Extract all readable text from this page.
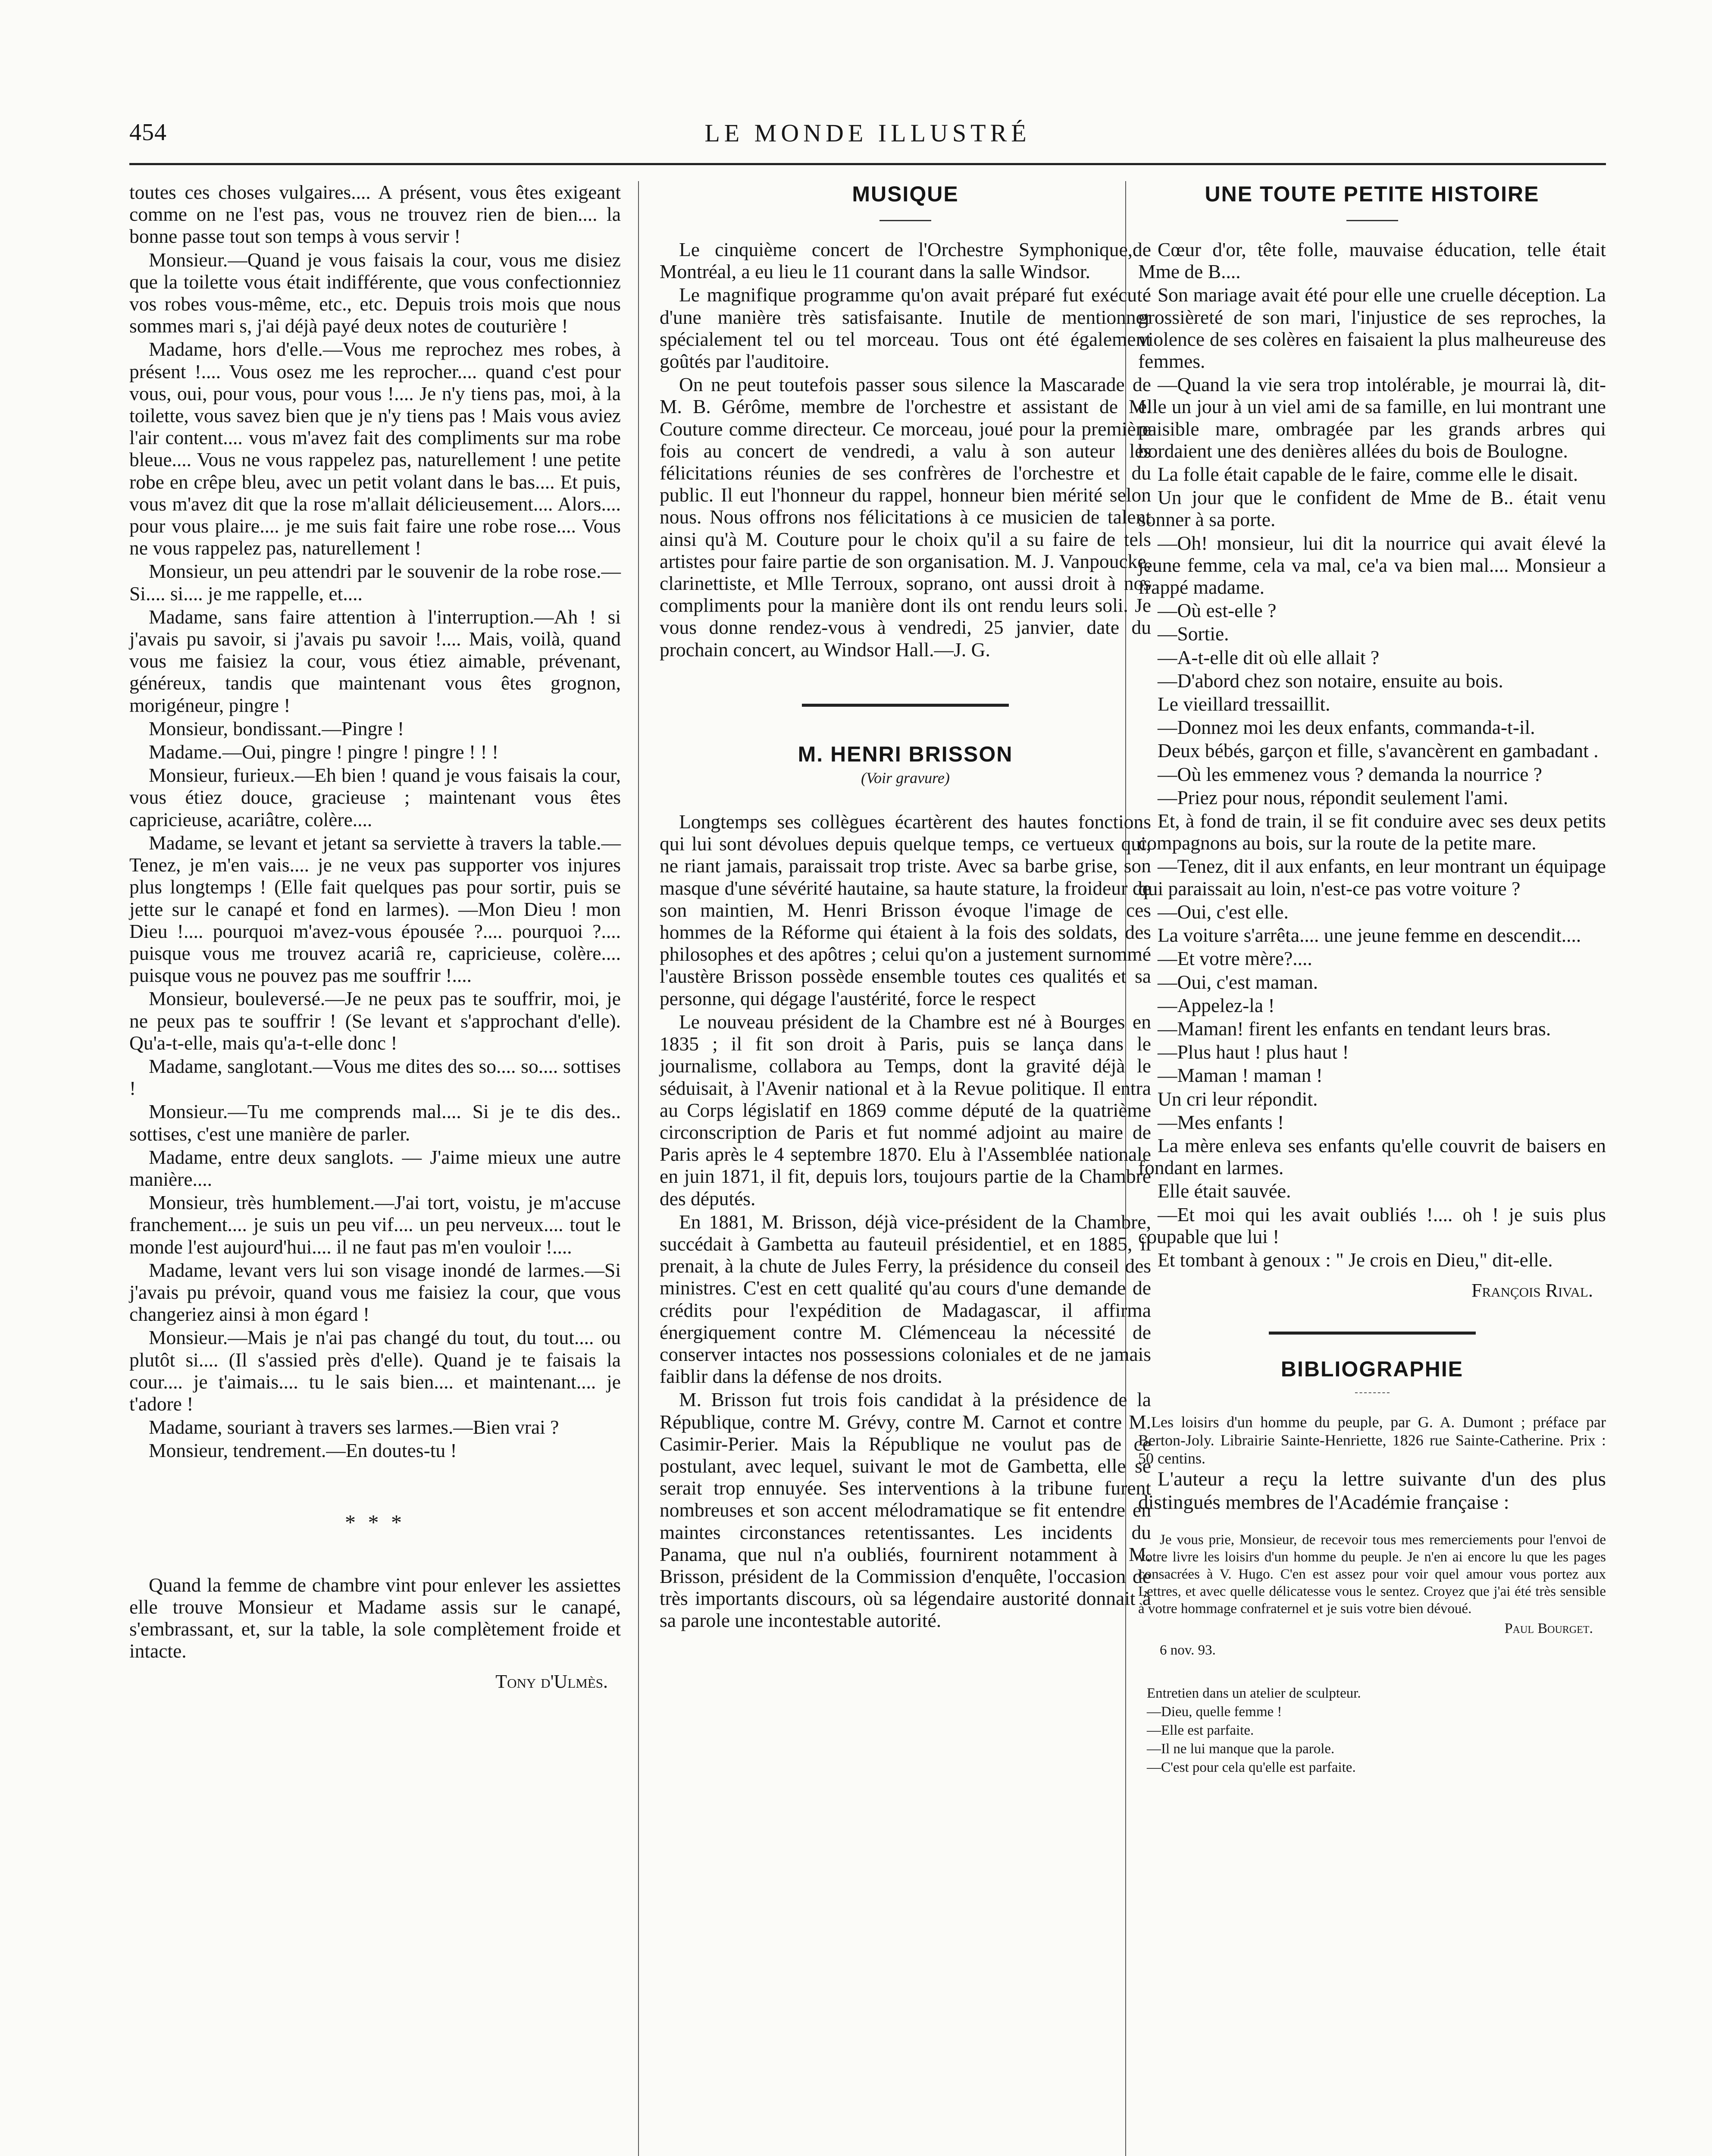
454	LE MONDE ILLUSTRÉ

toutes ces choses vulgaires.... A présent, vous êtes exigeant comme on ne l'est pas, vous ne trouvez rien de bien.... la bonne passe tout son temps à vous servir !

Monsieur.—Quand je vous faisais la cour, vous me disiez que la toilette vous était indifférente, que vous confectionniez vos robes vous-même, etc., etc. Depuis trois mois que nous sommes mari s, j'ai déjà payé deux notes de couturière !

Madame, hors d'elle.—Vous me reprochez mes robes, à présent !.... Vous osez me les reprocher.... quand c'est pour vous, oui, pour vous, pour vous !.... Je n'y tiens pas, moi, à la toilette, vous savez bien que je n'y tiens pas ! Mais vous aviez l'air content.... vous m'avez fait des compliments sur ma robe bleue.... Vous ne vous rappelez pas, naturellement ! une petite robe en crêpe bleu, avec un petit volant dans le bas.... Et puis, vous m'avez dit que la rose m'allait délicieusement.... Alors.... pour vous plaire.... je me suis fait faire une robe rose.... Vous ne vous rappelez pas, naturellement !

Monsieur, un peu attendri par le souvenir de la robe rose.—Si.... si.... je me rappelle, et....

Madame, sans faire attention à l'interruption.—Ah ! si j'avais pu savoir, si j'avais pu savoir !.... Mais, voilà, quand vous me faisiez la cour, vous étiez aimable, prévenant, généreux, tandis que maintenant vous êtes grognon, morigéneur, pingre !

Monsieur, bondissant.—Pingre !

Madame.—Oui, pingre ! pingre ! pingre ! ! !

Monsieur, furieux.—Eh bien ! quand je vous faisais la cour, vous étiez douce, gracieuse ; maintenant vous êtes capricieuse, acariâtre, colère....

Madame, se levant et jetant sa serviette à travers la table.—Tenez, je m'en vais.... je ne veux pas supporter vos injures plus longtemps ! (Elle fait quelques pas pour sortir, puis se jette sur le canapé et fond en larmes). —Mon Dieu ! mon Dieu !.... pourquoi m'avez-vous épousée ?.... pourquoi ?.... puisque vous me trouvez acariâ re, capricieuse, colère.... puisque vous ne pouvez pas me souffrir !....

Monsieur, bouleversé.—Je ne peux pas te souffrir, moi, je ne peux pas te souffrir ! (Se levant et s'approchant d'elle). Qu'a-t-elle, mais qu'a-t-elle donc !

Madame, sanglotant.—Vous me dites des so.... so.... sottises !

Monsieur.—Tu me comprends mal.... Si je te dis des.. sottises, c'est une manière de parler.

Madame, entre deux sanglots. — J'aime mieux une autre manière....

Monsieur, très humblement.—J'ai tort, voistu, je m'accuse franchement.... je suis un peu vif.... un peu nerveux.... tout le monde l'est aujourd'hui.... il ne faut pas m'en vouloir !....

Madame, levant vers lui son visage inondé de larmes.—Si j'avais pu prévoir, quand vous me faisiez la cour, que vous changeriez ainsi à mon égard !

Monsieur.—Mais je n'ai pas changé du tout, du tout.... ou plutôt si.... (Il s'assied près d'elle). Quand je te faisais la cour.... je t'aimais.... tu le sais bien.... et maintenant.... je t'adore !

Madame, souriant à travers ses larmes.—Bien vrai ?

Monsieur, tendrement.—En doutes-tu !

* * *

Quand la femme de chambre vint pour enlever les assiettes elle trouve Monsieur et Madame assis sur le canapé, s'embrassant, et, sur la table, la sole complètement froide et intacte.

Tony d'Ulmès.
MUSIQUE

Le cinquième concert de l'Orchestre Symphonique,de Montréal, a eu lieu le 11 courant dans la salle Windsor.

Le magnifique programme qu'on avait préparé fut exécuté d'une manière très satisfaisante. Inutile de mentionner spécialement tel ou tel morceau. Tous ont été également goûtés par l'auditoire.

On ne peut toutefois passer sous silence la Mascarade de M. B. Gérôme, membre de l'orchestre et assistant de M. Couture comme directeur. Ce morceau, joué pour la première fois au concert de vendredi, a valu à son auteur les félicitations réunies de ses confrères de l'orchestre et du public. Il eut l'honneur du rappel, honneur bien mérité selon nous. Nous offrons nos félicitations à ce musicien de talent ainsi qu'à M. Couture pour le choix qu'il a su faire de tels artistes pour faire partie de son organisation. M. J. Vanpoucke, clarinettiste, et Mlle Terroux, soprano, ont aussi droit à nos compliments pour la manière dont ils ont rendu leurs soli. Je vous donne rendez-vous à vendredi, 25 janvier, date du prochain concert, au Windsor Hall.—J. G.

M. HENRI BRISSON
(Voir gravure)

Longtemps ses collègues écartèrent des hautes fonctions qui lui sont dévolues depuis quelque temps, ce vertueux qui, ne riant jamais, paraissait trop triste. Avec sa barbe grise, son masque d'une sévérité hautaine, sa haute stature, la froideur de son maintien, M. Henri Brisson évoque l'image de ces hommes de la Réforme qui étaient à la fois des soldats, des philosophes et des apôtres ; celui qu'on a justement surnommé l'austère Brisson possède ensemble toutes ces qualités et sa personne, qui dégage l'austérité, force le respect

Le nouveau président de la Chambre est né à Bourges en 1835 ; il fit son droit à Paris, puis se lança dans le journalisme, collabora au Temps, dont la gravité déjà le séduisait, à l'Avenir national et à la Revue politique. Il entra au Corps législatif en 1869 comme député de la quatrième circonscription de Paris et fut nommé adjoint au maire de Paris après le 4 septembre 1870. Elu à l'Assemblée nationale en juin 1871, il fit, depuis lors, toujours partie de la Chambre des députés.

En 1881, M. Brisson, déjà vice-président de la Chambre, succédait à Gambetta au fauteuil présidentiel, et en 1885, il prenait, à la chute de Jules Ferry, la présidence du conseil des ministres. C'est en cett qualité qu'au cours d'une demande de crédits pour l'expédition de Madagascar, il affirma énergiquement contre M. Clémenceau la nécessité de conserver intactes nos possessions coloniales et de ne jamais faiblir dans la défense de nos droits.

M. Brisson fut trois fois candidat à la présidence de la République, contre M. Grévy, contre M. Carnot et contre M. Casimir-Perier. Mais la République ne voulut pas de ce postulant, avec lequel, suivant le mot de Gambetta, elle se serait trop ennuyée. Ses interventions à la tribune furent nombreuses et son accent mélodramatique se fit entendre en maintes circonstances retentissantes. Les incidents du Panama, que nul n'a oubliés, fournirent notamment à M. Brisson, président de la Commission d'enquête, l'occasion de très importants discours, où sa légendaire austorité donnait à sa parole une incontestable autorité.

UNE TOUTE PETITE HISTOIRE

Cœur d'or, tête folle, mauvaise éducation, telle était Mme de B....

Son mariage avait été pour elle une cruelle déception. La grossièreté de son mari, l'injustice de ses reproches, la violence de ses colères en faisaient la plus malheureuse des femmes.

—Quand la vie sera trop intolérable, je mourrai là, dit-elle un jour à un viel ami de sa famille, en lui montrant une paisible mare, ombragée par les grands arbres qui bordaient une des denières allées du bois de Boulogne.

La folle était capable de le faire, comme elle le disait.

Un jour que le confident de Mme de B.. était venu sonner à sa porte.

—Oh! monsieur, lui dit la nourrice qui avait élevé la jeune femme, cela va mal, ce'a va bien mal.... Monsieur a frappé madame.

—Où est-elle ?

—Sortie.

—A-t-elle dit où elle allait ?

—D'abord chez son notaire, ensuite au bois.

Le vieillard tressaillit.

—Donnez moi les deux enfants, commanda-t-il.

Deux bébés, garçon et fille, s'avancèrent en gambadant .

—Où les emmenez vous ? demanda la nourrice ?

—Priez pour nous, répondit seulement l'ami.

Et, à fond de train, il se fit conduire avec ses deux petits compagnons au bois, sur la route de la petite mare.

—Tenez, dit il aux enfants, en leur montrant un équipage qui paraissait au loin, n'est-ce pas votre voiture ?

—Oui, c'est elle.

La voiture s'arrêta.... une jeune femme en descendit....

—Et votre mère?....

—Oui, c'est maman.

—Appelez-la !

—Maman! firent les enfants en tendant leurs bras.

—Plus haut ! plus haut !

—Maman ! maman !

Un cri leur répondit.

—Mes enfants !

La mère enleva ses enfants qu'elle couvrit de baisers en fondant en larmes.

Elle était sauvée.

—Et moi qui les avait oubliés !.... oh ! je suis plus coupable que lui !

Et tombant à genoux : " Je crois en Dieu," dit-elle.

François Rival.
BIBLIOGRAPHIE

Les loisirs d'un homme du peuple, par G. A. Dumont ; préface par Berton-Joly. Librairie Sainte-Henriette, 1826 rue Sainte-Catherine. Prix : 50 centins.

L'auteur a reçu la lettre suivante d'un des plus distingués membres de l'Académie française :

Je vous prie, Monsieur, de recevoir tous mes remerciements pour l'envoi de votre livre les loisirs d'un homme du peuple. Je n'en ai encore lu que les pages consacrées à V. Hugo. C'en est assez pour voir quel amour vous portez aux Lettres, et avec quelle délicatesse vous le sentez. Croyez que j'ai été très sensible à votre hommage confraternel et je suis votre bien dévoué.

Paul Bourget.

6 nov. 93.

Entretien dans un atelier de sculpteur.

—Dieu, quelle femme !

—Elle est parfaite.

—Il ne lui manque que la parole.

—C'est pour cela qu'elle est parfaite.
